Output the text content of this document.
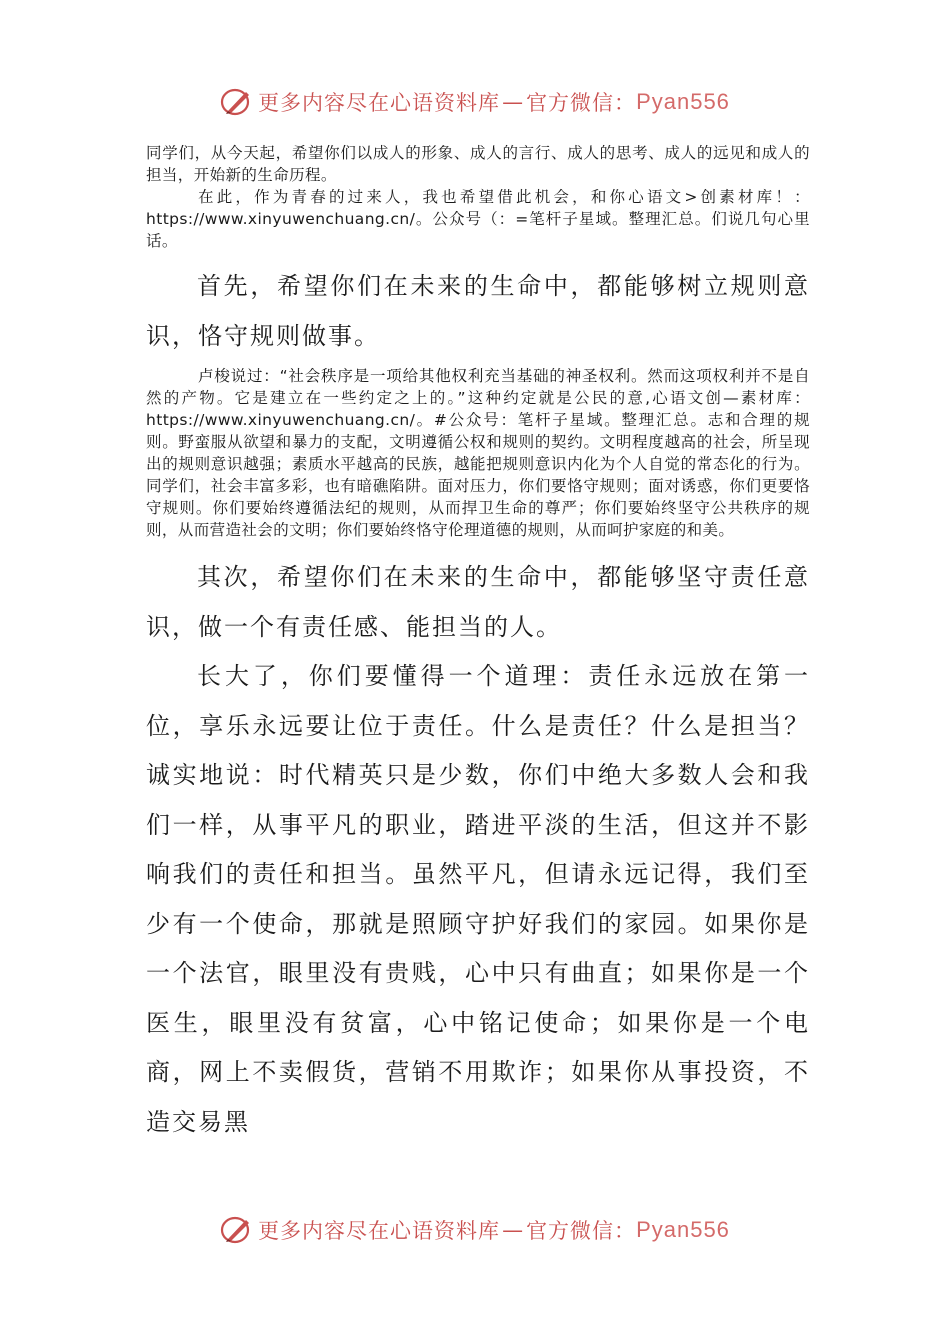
更多内容尽在心语资料库 — 官方微信： Pyan556

同学们，从今天起，希望你们以成人的形象、成人的言行、成人的思考、成人的远见和成人的担当，开始新的生命历程。

在此，作为青春的过来人，我也希望借此机会，和你心语文>创素材库！：https://www.xinyuwenchuang.cn/。公众号（：=笔杆子星域。整理汇总。们说几句心里话。

首先，希望你们在未来的生命中，都能够树立规则意识，恪守规则做事。

卢梭说过：“社会秩序是一项给其他权利充当基础的神圣权利。然而这项权利并不是自然的产物。它是建立在一些约定之上的。”这种约定就是公民的意,心语文创—素材库：https://www.xinyuwenchuang.cn/。#公众号：笔杆子星域。整理汇总。志和合理的规则。野蛮服从欲望和暴力的支配，文明遵循公权和规则的契约。文明程度越高的社会，所呈现出的规则意识越强；素质水平越高的民族，越能把规则意识内化为个人自觉的常态化的行为。同学们，社会丰富多彩，也有暗礁陷阱。面对压力，你们要恪守规则；面对诱惑，你们更要恪守规则。你们要始终遵循法纪的规则，从而捍卫生命的尊严；你们要始终坚守公共秩序的规则，从而营造社会的文明；你们要始终恪守伦理道德的规则，从而呵护家庭的和美。

其次，希望你们在未来的生命中，都能够坚守责任意识，做一个有责任感、能担当的人。

长大了，你们要懂得一个道理：责任永远放在第一位，享乐永远要让位于责任。什么是责任？什么是担当？诚实地说：时代精英只是少数，你们中绝大多数人会和我们一样，从事平凡的职业，踏进平淡的生活，但这并不影响我们的责任和担当。虽然平凡，但请永远记得，我们至少有一个使命，那就是照顾守护好我们的家园。如果你是一个法官，眼里没有贵贱，心中只有曲直；如果你是一个医生，眼里没有贫富，心中铭记使命；如果你是一个电商，网上不卖假货，营销不用欺诈；如果你从事投资，不造交易黑

更多内容尽在心语资料库 — 官方微信： Pyan556
